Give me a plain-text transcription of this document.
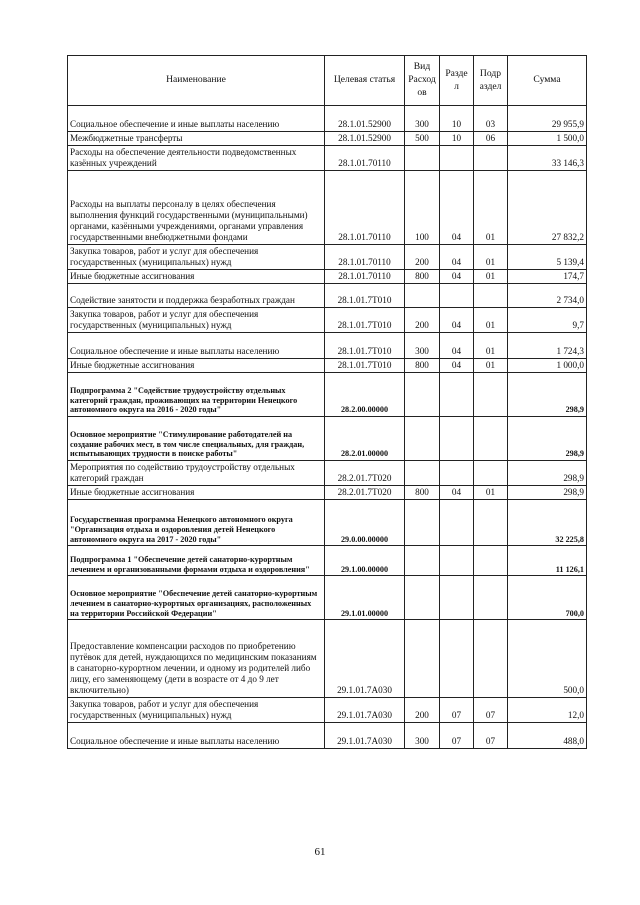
Наименование	Целевая статья	Вид Расход ов	Разде л	Подр аздел	Сумма
Социальное обеспечение и иные выплаты населению	28.1.01.52900	300	10	03	29 955,9
Межбюджетные трансферты	28.1.01.52900	500	10	06	1 500,0
Расходы на обеспечение деятельности подведомственных казённых учреждений	28.1.01.70110				33 146,3
Расходы на выплаты персоналу в целях обеспечения выполнения функций государственными (муниципальными) органами, казёнными учреждениями, органами управления государственными внебюджетными фондами	28.1.01.70110	100	04	01	27 832,2
Закупка товаров, работ и услуг для обеспечения государственных (муниципальных) нужд	28.1.01.70110	200	04	01	5 139,4
Иные бюджетные ассигнования	28.1.01.70110	800	04	01	174,7
Содействие занятости и поддержка безработных граждан	28.1.01.7Т010				2 734,0
Закупка товаров, работ и услуг для обеспечения государственных (муниципальных) нужд	28.1.01.7Т010	200	04	01	9,7
Социальное обеспечение и иные выплаты населению	28.1.01.7Т010	300	04	01	1 724,3
Иные бюджетные ассигнования	28.1.01.7Т010	800	04	01	1 000,0
Подпрограмма 2 "Содействие трудоустройству отдельных категорий граждан, проживающих на территории Ненецкого автономного округа на 2016 - 2020 годы"	28.2.00.00000				298,9
Основное мероприятие "Стимулирование работодателей на создание рабочих мест, в том числе специальных, для граждан, испытывающих трудности в поиске работы"	28.2.01.00000				298,9
Мероприятия по содействию трудоустройству отдельных категорий граждан	28.2.01.7Т020				298,9
Иные бюджетные ассигнования	28.2.01.7Т020	800	04	01	298,9
Государственная программа Ненецкого автономного округа "Организация отдыха и оздоровления детей Ненецкого автономного округа на 2017 - 2020 годы"	29.0.00.00000				32 225,8
Подпрограмма 1 "Обеспечение детей санаторно-курортным лечением и организованными формами отдыха и оздоровления"	29.1.00.00000				11 126,1
Основное мероприятие "Обеспечение детей санаторно-курортным лечением в санаторно-курортных организациях, расположенных на территории Российской Федерации"	29.1.01.00000				700,0
Предоставление компенсации расходов по приобретению путёвок для детей, нуждающихся по медицинским показаниям в санаторно-курортном лечении, и одному из родителей либо лицу, его заменяющему (дети в возрасте от 4 до 9 лет включительно)	29.1.01.7А030				500,0
Закупка товаров, работ и услуг для обеспечения государственных (муниципальных) нужд	29.1.01.7А030	200	07	07	12,0
Социальное обеспечение и иные выплаты населению	29.1.01.7А030	300	07	07	488,0
61
